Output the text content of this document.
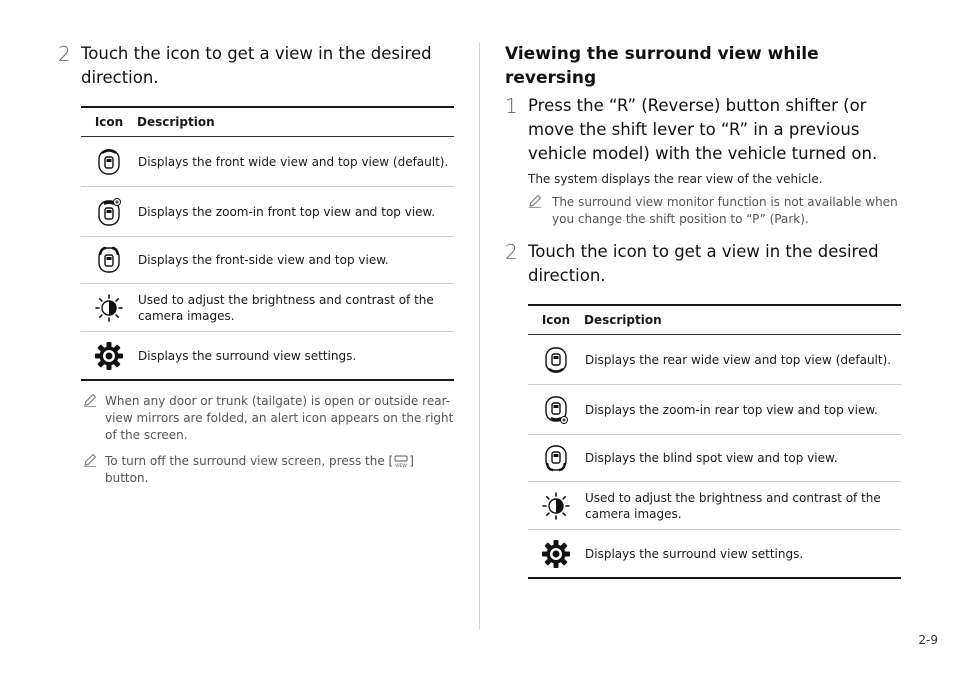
2 Touch the icon to get a view in the desired direction.
Icon	Description
	Displays the front wide view and top view (default).
	Displays the zoom-in front top view and top view.
	Displays the front-side view and top view.
	Used to adjust the brightness and contrast of the camera images.
	Displays the surround view settings.
When any door or trunk (tailgate) is open or outside rear-view mirrors are folded, an alert icon appears on the right of the screen.
To turn off the surround view screen, press the [ VIEW ] button.
Viewing the surround view while reversing
1 Press the “R” (Reverse) button shifter (or move the shift lever to “R” in a previous vehicle model) with the vehicle turned on.
The system displays the rear view of the vehicle.
The surround view monitor function is not available when you change the shift position to “P” (Park).
2 Touch the icon to get a view in the desired direction.
Icon	Description
	Displays the rear wide view and top view (default).
	Displays the zoom-in rear top view and top view.
	Displays the blind spot view and top view.
	Used to adjust the brightness and contrast of the camera images.
	Displays the surround view settings.
2-9
